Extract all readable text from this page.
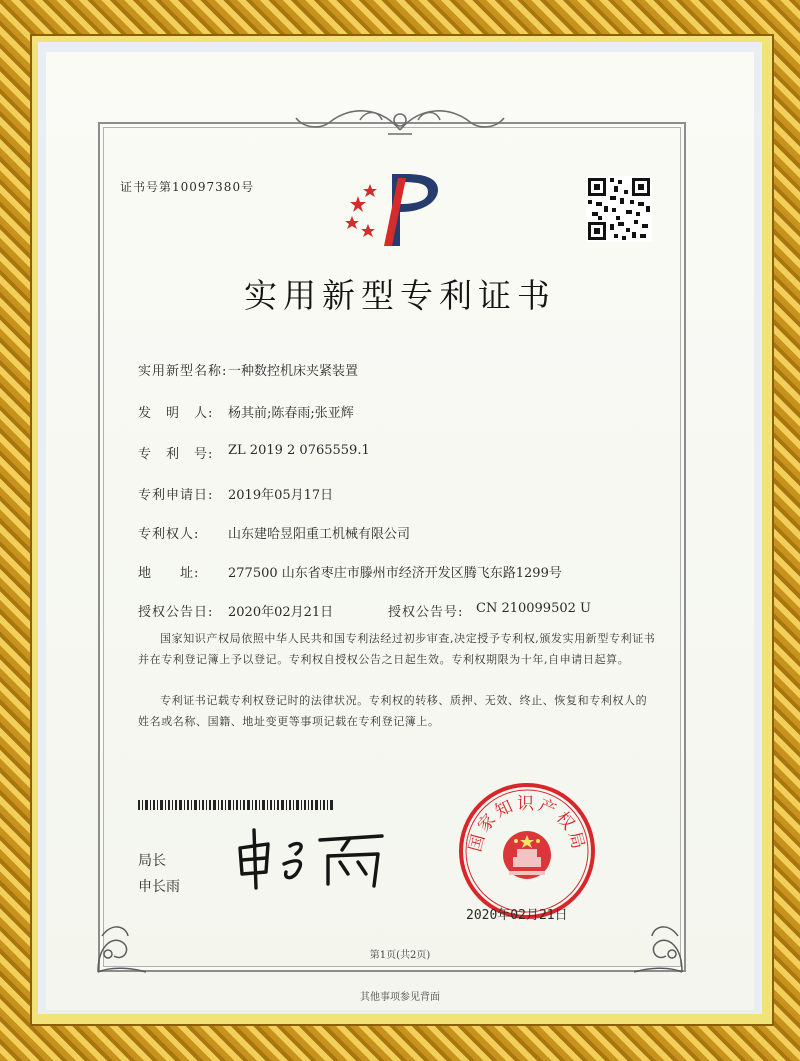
证书号第10097380号
实用新型专利证书
实用新型名称: 一种数控机床夹紧装置
发　明　人: 杨其前;陈春雨;张亚辉
专　利　号: ZL 2019 2 0765559.1
专利申请日: 2019年05月17日
专利权人: 山东建哈昱阳重工机械有限公司
地　　址: 277500 山东省枣庄市滕州市经济开发区腾飞东路1299号
授权公告日: 2020年02月21日	授权公告号: CN 210099502 U
国家知识产权局依照中华人民共和国专利法经过初步审查,决定授予专利权,颁发实用新型专利证书并在专利登记簿上予以登记。专利权自授权公告之日起生效。专利权期限为十年,自申请日起算。
专利证书记载专利权登记时的法律状况。专利权的转移、质押、无效、终止、恢复和专利权人的姓名或名称、国籍、地址变更等事项记载在专利登记簿上。
局长
申长雨
国家知识产权局
2020年02月21日
第1页(共2页)
其他事项参见背面
